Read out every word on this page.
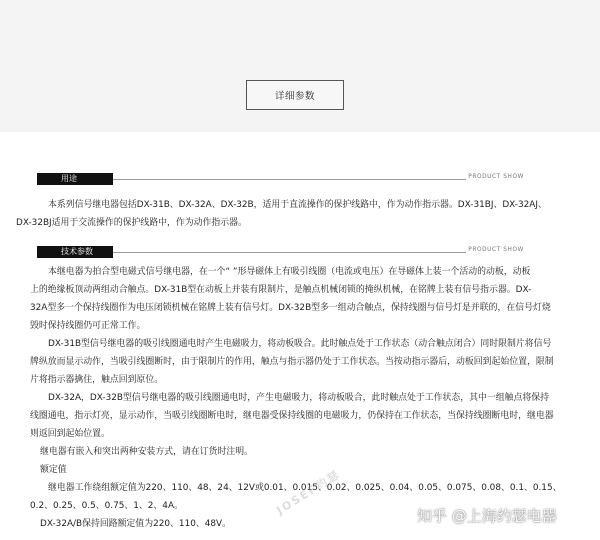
详细参数
用途	PRODUCT SHOW

本系列信号继电器包括DX-31B、DX-32A、DX-32B，适用于直流操作的保护线路中，作为动作指示器。DX-31BJ、DX-32AJ、
DX-32BJ适用于交流操作的保护线路中，作为动作指示器。

技术参数	PRODUCT SHOW

本继电器为拍合型电磁式信号继电器，在一个“ ”形导磁体上有吸引线圈（电流或电压）在导磁体上装一个活动的动板，动板
上的绝缘板顶动两组动合触点。DX-31B型在动板上并装有限制片，是触点机械闭锁的掩纵机械，在铭牌上装有信号指示器。DX-
32A型多一个保持线圈作为电压闭锁机械在铭牌上装有信号灯。DX-32B型多一组动合触点，保持线圈与信号灯是并联的，在信号灯烧
毁时保持线圈仍可正常工作。

DX-31B型信号继电器的吸引线圈通电时产生电磁吸力，将动板吸合。此时触点处于工作状态（动合触点闭合）同时限制片将信号
牌纵放而显示动作，当吸引线圈断时，由于限制片的作用，触点与指示器仍处于工作状态。当按动指示器后，动板回到起始位置，限制
片将指示器擒住，触点回到原位。

DX-32A，DX-32B型信号继电器的吸引线圈通电时，产生电磁吸力，将动板吸合，此时触点处于工作状态，其中一组触点将保持
线圈通电，指示灯亮，显示动作，当吸引线圈断电时，继电器受保持线圈的电磁吸力，仍保持在工作状态，当保持线圈断电时，继电器
则返回到起始位置。

继电器有嵌入和突出两种安装方式，请在订货时注明。
额定值
继电器工作绕组额定值为220、110、48、24、12V或0.01、0.015、0.02、0.025、0.04、0.05、0.075、0.08、0.1、0.15、
0.2、0.25、0.5、0.75、1、2、4A。
DX-32A/B保持回路额定值为220、110、48V。

JOSEF约瑟	知乎 @上海约瑟电器
